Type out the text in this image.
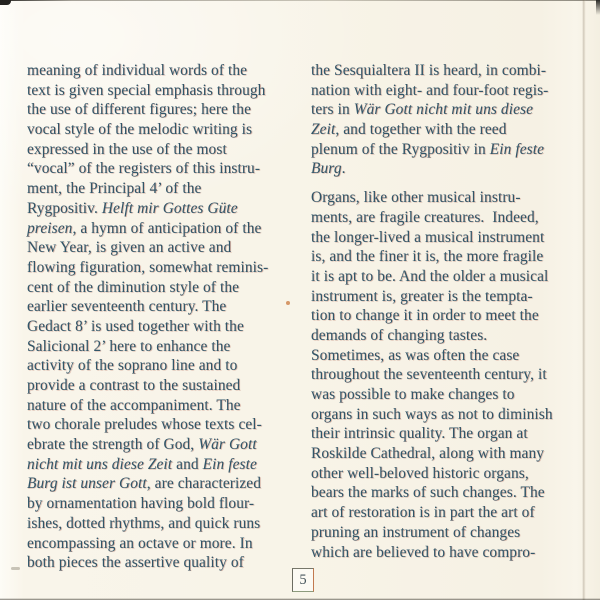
meaning of individual words of the
text is given special emphasis through
the use of different figures; here the
vocal style of the melodic writing is
expressed in the use of the most
“vocal” of the registers of this instru-
ment, the Principal 4’ of the
Rygpositiv. Helft mir Gottes Güte
preisen, a hymn of anticipation of the
New Year, is given an active and
flowing figuration, somewhat reminis-
cent of the diminution style of the
earlier seventeenth century. The
Gedact 8’ is used together with the
Salicional 2’ here to enhance the
activity of the soprano line and to
provide a contrast to the sustained
nature of the accompaniment. The
two chorale preludes whose texts cel-
ebrate the strength of God, Wär Gott
nicht mit uns diese Zeit and Ein feste
Burg ist unser Gott, are characterized
by ornamentation having bold flour-
ishes, dotted rhythms, and quick runs
encompassing an octave or more. In
both pieces the assertive quality of
the Sesquialtera II is heard, in combi-
nation with eight- and four-foot regis-
ters in Wär Gott nicht mit uns diese
Zeit, and together with the reed
plenum of the Rygpositiv in Ein feste
Burg.
Organs, like other musical instru-
ments, are fragile creatures.  Indeed,
the longer-lived a musical instrument
is, and the finer it is, the more fragile
it is apt to be. And the older a musical
instrument is, greater is the tempta-
tion to change it in order to meet the
demands of changing tastes.
Sometimes, as was often the case
throughout the seventeenth century, it
was possible to make changes to
organs in such ways as not to diminish
their intrinsic quality. The organ at
Roskilde Cathedral, along with many
other well-beloved historic organs,
bears the marks of such changes. The
art of restoration is in part the art of
pruning an instrument of changes
which are believed to have compro-
5
